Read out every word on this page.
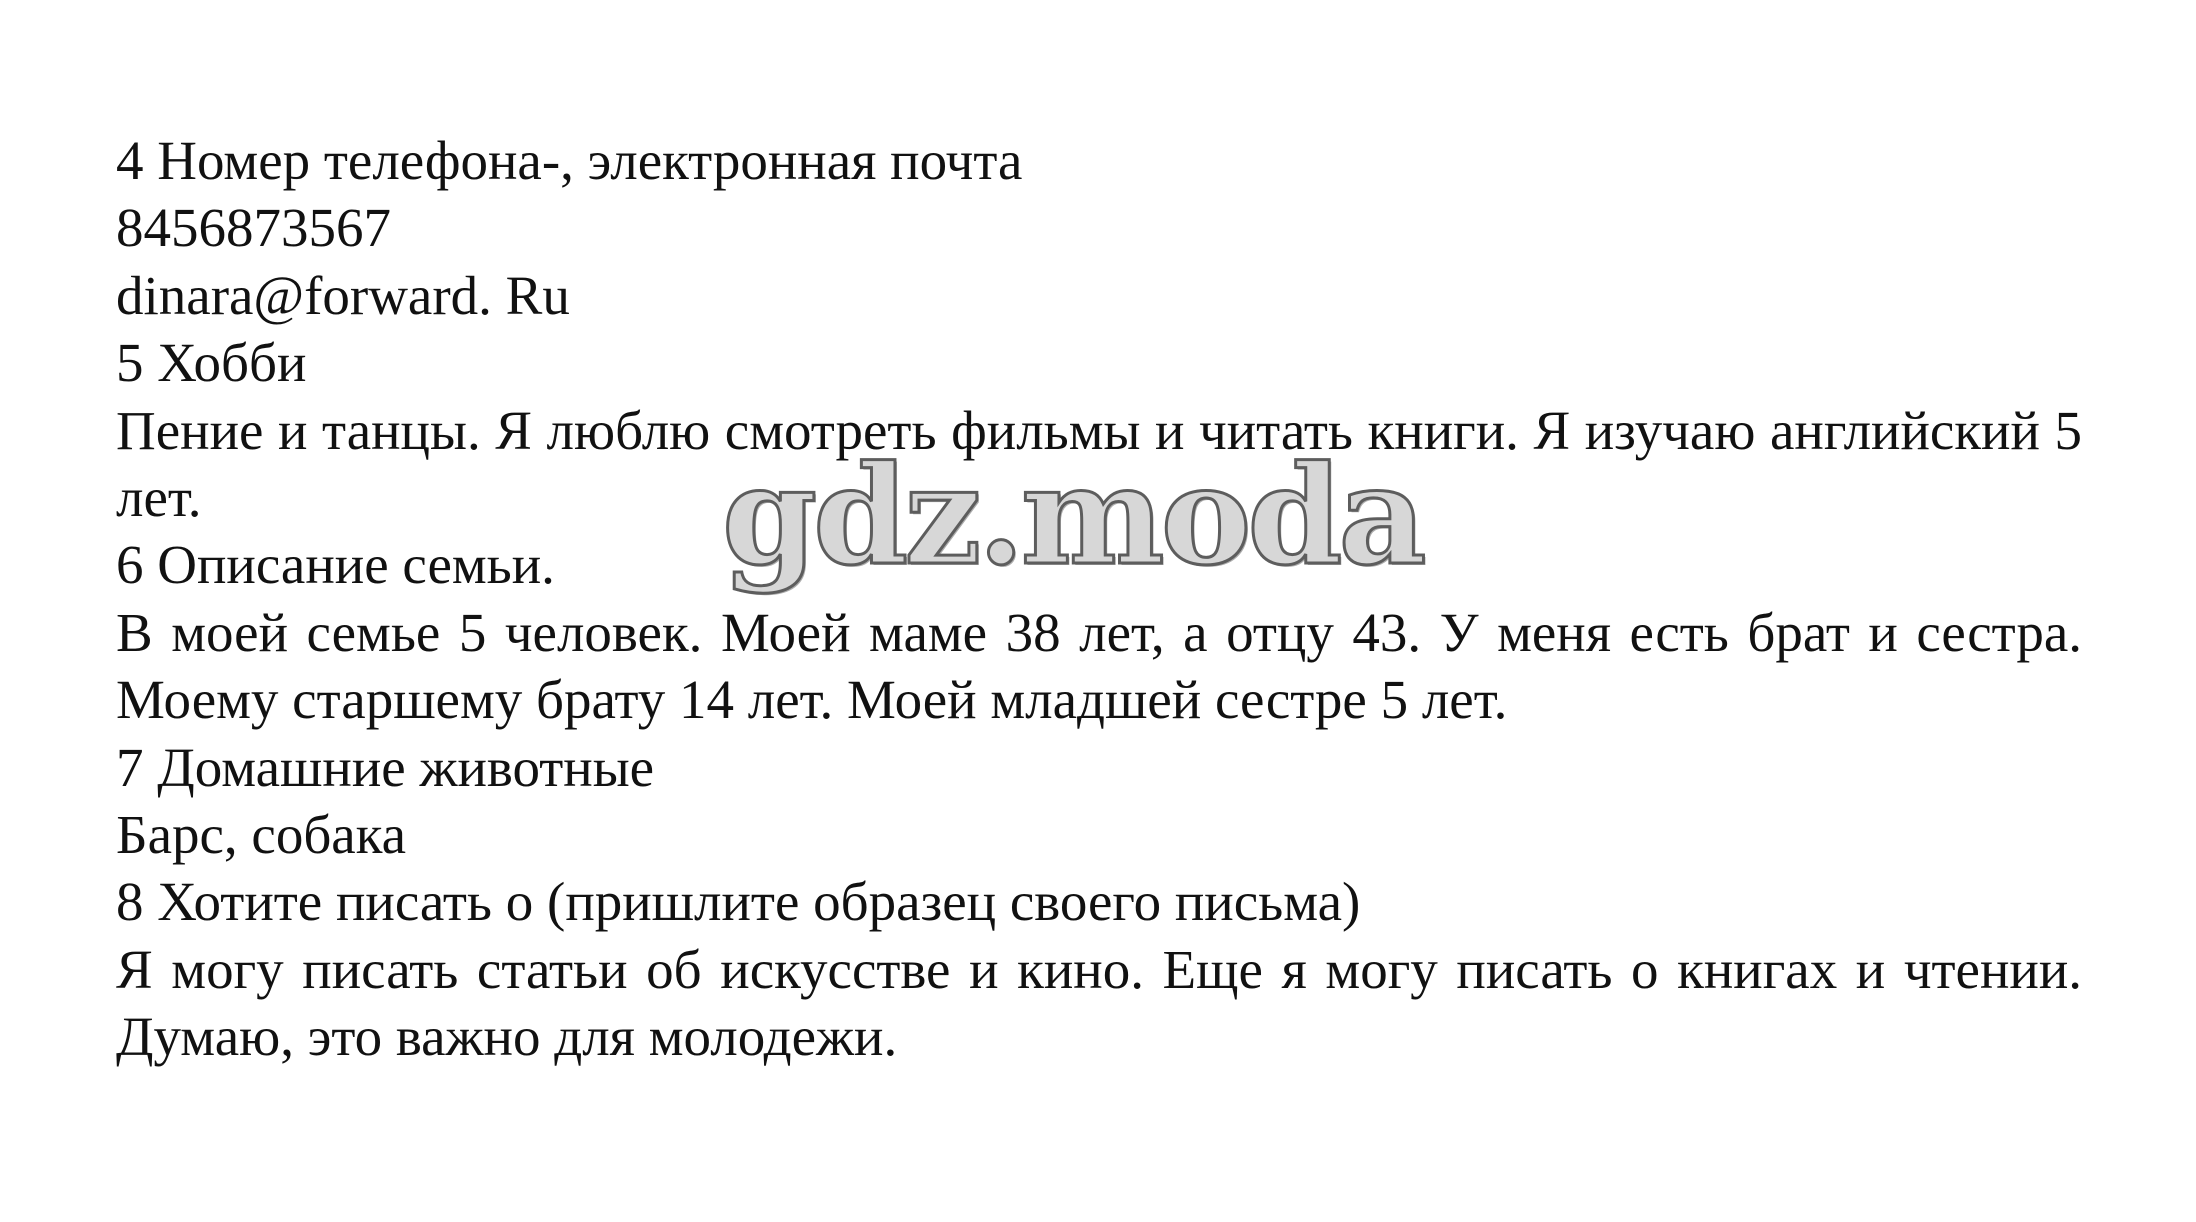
4 Номер телефона-, электронная почта

8456873567

dinara@forward. Ru

5 Хобби

Пение и танцы. Я люблю смотреть фильмы и читать книги. Я изучаю английский 5 лет.

6 Описание семьи.

В моей семье 5 человек. Моей маме 38 лет, а отцу 43. У меня есть брат и сестра. Моему старшему брату 14 лет. Моей младшей сестре 5 лет.

7 Домашние животные

Барс, собака

8 Хотите писать о (пришлите образец своего письма)

Я могу писать статьи об искусстве и кино. Еще я могу писать о книгах и чтении. Думаю, это важно для молодежи.

gdz.moda
